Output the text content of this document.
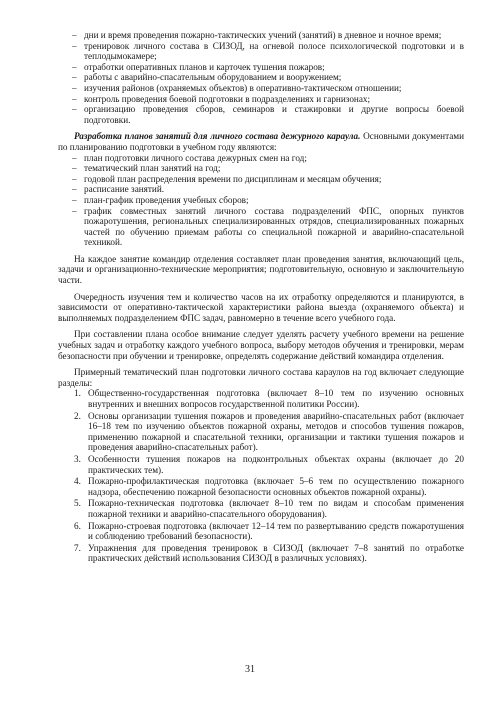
– дни и время проведения пожарно-тактических учений (занятий) в дневное и ночное время;
– тренировок личного состава в СИЗОД, на огневой полосе психологической подготовки и в теплодымокамере;
– отработки оперативных планов и карточек тушения пожаров;
– работы с аварийно-спасательным оборудованием и вооружением;
– изучения районов (охраняемых объектов) в оперативно-тактическом отношении;
– контроль проведения боевой подготовки в подразделениях и гарнизонах;
– организацию проведения сборов, семинаров и стажировки и другие вопросы боевой подготовки.

Разработка планов занятий для личного состава дежурного караула. Основными документами по планированию подготовки в учебном году являются:

– план подготовки личного состава дежурных смен на год;
– тематический план занятий на год;
– годовой план распределения времени по дисциплинам и месяцам обучения;
– расписание занятий.
– план-график проведения учебных сборов;
– график совместных занятий личного состава подразделений ФПС, опорных пунктов пожаротушения, региональных специализированных отрядов, специализированных пожарных частей по обучению приемам работы со специальной пожарной и аварийно-спасательной техникой.

На каждое занятие командир отделения составляет план проведения занятия, включающий цель, задачи и организационно-технические мероприятия; подготовительную, основную и заключительную части.

Очередность изучения тем и количество часов на их отработку определяются и планируются, в зависимости от оперативно-тактической характеристики района выезда (охраняемого объекта) и выполняемых подразделением ФПС задач, равномерно в течение всего учебного года.

При составлении плана особое внимание следует уделять расчету учебного времени на решение учебных задач и отработку каждого учебного вопроса, выбору методов обучения и тренировки, мерам безопасности при обучении и тренировке, определять содержание действий командира отделения.

Примерный тематический план подготовки личного состава караулов на год включает следующие разделы:

1. Общественно-государственная подготовка (включает 8–10 тем по изучению основных внутренних и внешних вопросов государственной политики России).
2. Основы организации тушения пожаров и проведения аварийно-спасательных работ (включает 16–18 тем по изучению объектов пожарной охраны, методов и способов тушения пожаров, применению пожарной и спасательной техники, организации и тактики тушения пожаров и проведения аварийно-спасательных работ).
3. Особенности тушения пожаров на подконтрольных объектах охраны (включает до 20 практических тем).
4. Пожарно-профилактическая подготовка (включает 5–6 тем по осуществлению пожарного надзора, обеспечению пожарной безопасности основных объектов пожарной охраны).
5. Пожарно-техническая подготовка (включает 8–10 тем по видам и способам применения пожарной техники и аварийно-спасательного оборудования).
6. Пожарно-строевая подготовка (включает 12–14 тем по развертыванию средств пожаротушения и соблюдению требований безопасности).
7. Упражнения для проведения тренировок в СИЗОД (включает 7–8 занятий по отработке практических действий использования СИЗОД в различных условиях).
31
